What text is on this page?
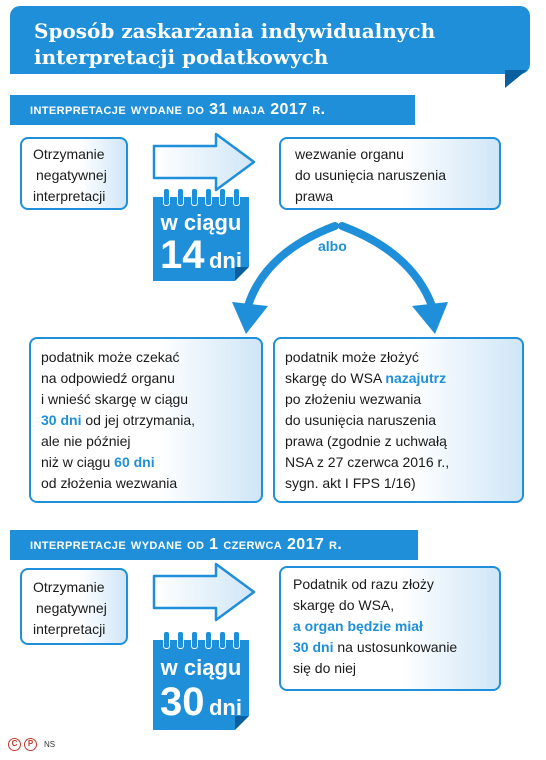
Sposób zaskarżania indywidualnych
interpretacji podatkowych
interpretacje wydane do 31 maja 2017 r.
Otrzymanie
negatywnej
interpretacji
w ciągu
14 dni
wezwanie organu
do usunięcia naruszenia
prawa
albo
podatnik może czekać
na odpowiedź organu
i wnieść skargę w ciągu
30 dni od jej otrzymania,
ale nie później
niż w ciągu 60 dni
od złożenia wezwania
podatnik może złożyć
skargę do WSA nazajutrz
po złożeniu wezwania
do usunięcia naruszenia
prawa (zgodnie z uchwałą
NSA z 27 czerwca 2016 r.,
sygn. akt I FPS 1/16)
interpretacje wydane od 1 czerwca 2017 r.
Otrzymanie
negatywnej
interpretacji
w ciągu
30 dni
Podatnik od razu złoży
skargę do WSA,
a organ będzie miał
30 dni na ustosunkowanie
się do niej
C	P	NS
